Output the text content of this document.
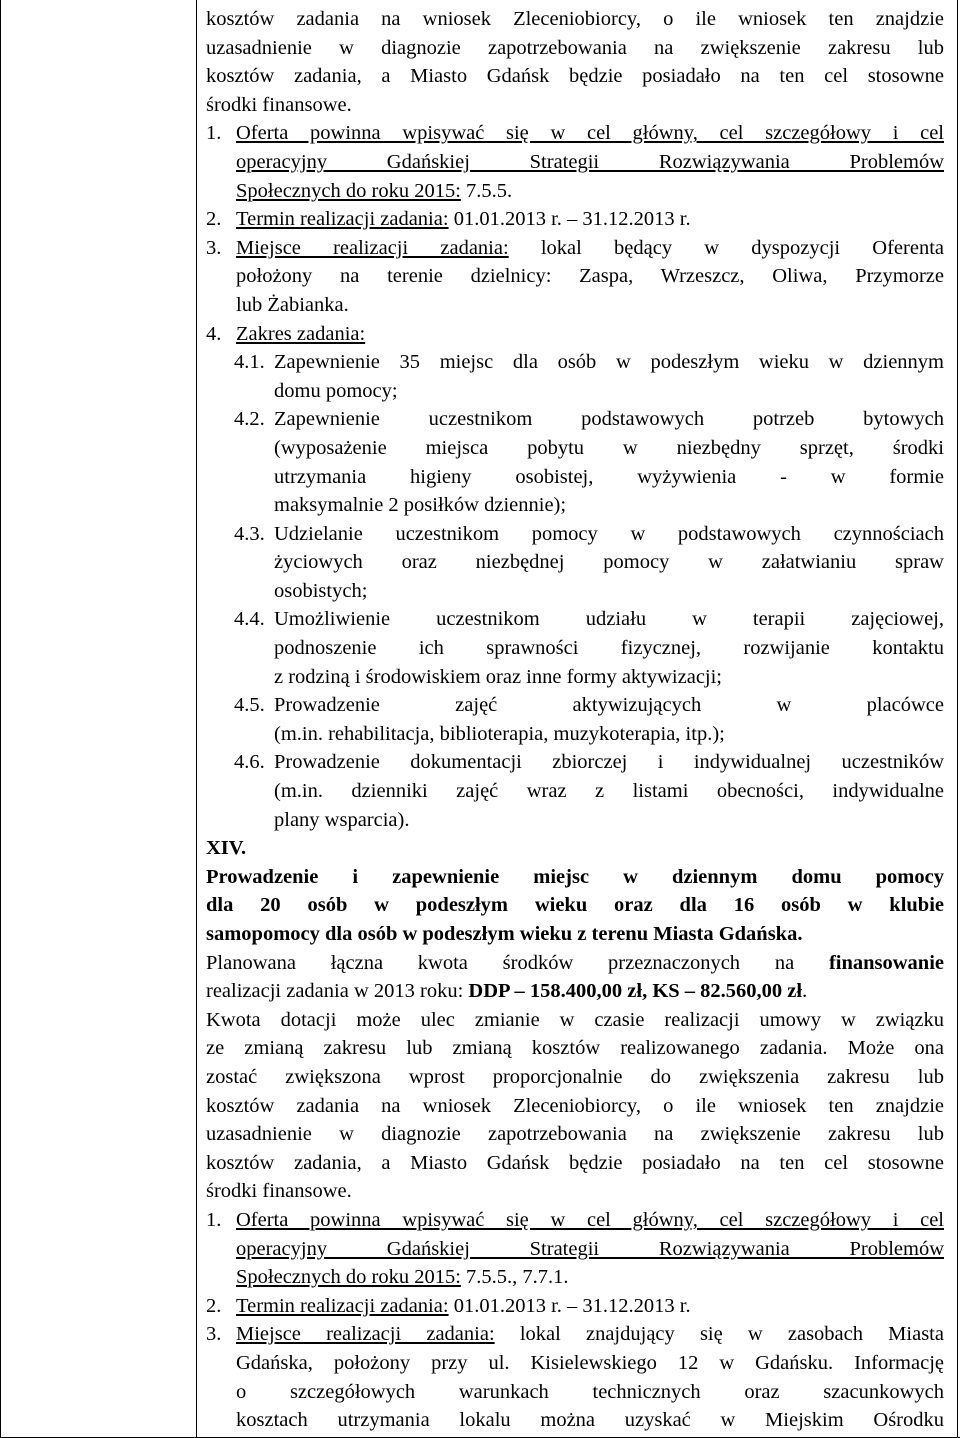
kosztów zadania na wniosek Zleceniobiorcy, o ile wniosek ten znajdzie
uzasadnienie w diagnozie zapotrzebowania na zwiększenie zakresu lub
kosztów zadania, a Miasto Gdańsk będzie posiadało na ten cel stosowne
środki finansowe.
1. Oferta powinna wpisywać się w cel główny, cel szczegółowy i cel
operacyjny Gdańskiej Strategii Rozwiązywania Problemów
Społecznych do roku 2015: 7.5.5.
2. Termin realizacji zadania: 01.01.2013 r. – 31.12.2013 r.
3. Miejsce realizacji zadania: lokal będący w dyspozycji Oferenta
położony na terenie dzielnicy: Zaspa, Wrzeszcz, Oliwa, Przymorze
lub Żabianka.
4. Zakres zadania:
4.1. Zapewnienie 35 miejsc dla osób w podeszłym wieku w dziennym
domu pomocy;
4.2. Zapewnienie uczestnikom podstawowych potrzeb bytowych
(wyposażenie miejsca pobytu w niezbędny sprzęt, środki
utrzymania higieny osobistej, wyżywienia - w formie
maksymalnie 2 posiłków dziennie);
4.3. Udzielanie uczestnikom pomocy w podstawowych czynnościach
życiowych oraz niezbędnej pomocy w załatwianiu spraw
osobistych;
4.4. Umożliwienie uczestnikom udziału w terapii zajęciowej,
podnoszenie ich sprawności fizycznej, rozwijanie kontaktu
z rodziną i środowiskiem oraz inne formy aktywizacji;
4.5. Prowadzenie zajęć aktywizujących w placówce
(m.in. rehabilitacja, biblioterapia, muzykoterapia, itp.);
4.6. Prowadzenie dokumentacji zbiorczej i indywidualnej uczestników
(m.in. dzienniki zajęć wraz z listami obecności, indywidualne
plany wsparcia).
XIV.
Prowadzenie i zapewnienie miejsc w dziennym domu pomocy
dla 20 osób w podeszłym wieku oraz dla 16 osób w klubie
samopomocy dla osób w podeszłym wieku z terenu Miasta Gdańska.
Planowana łączna kwota środków przeznaczonych na finansowanie
realizacji zadania w 2013 roku: DDP – 158.400,00 zł, KS – 82.560,00 zł.
Kwota dotacji może ulec zmianie w czasie realizacji umowy w związku
ze zmianą zakresu lub zmianą kosztów realizowanego zadania. Może ona
zostać zwiększona wprost proporcjonalnie do zwiększenia zakresu lub
kosztów zadania na wniosek Zleceniobiorcy, o ile wniosek ten znajdzie
uzasadnienie w diagnozie zapotrzebowania na zwiększenie zakresu lub
kosztów zadania, a Miasto Gdańsk będzie posiadało na ten cel stosowne
środki finansowe.
1. Oferta powinna wpisywać się w cel główny, cel szczegółowy i cel
operacyjny Gdańskiej Strategii Rozwiązywania Problemów
Społecznych do roku 2015: 7.5.5., 7.7.1.
2. Termin realizacji zadania: 01.01.2013 r. – 31.12.2013 r.
3. Miejsce realizacji zadania: lokal znajdujący się w zasobach Miasta
Gdańska, położony przy ul. Kisielewskiego 12 w Gdańsku. Informację
o szczegółowych warunkach technicznych oraz szacunkowych
kosztach utrzymania lokalu można uzyskać w Miejskim Ośrodku
